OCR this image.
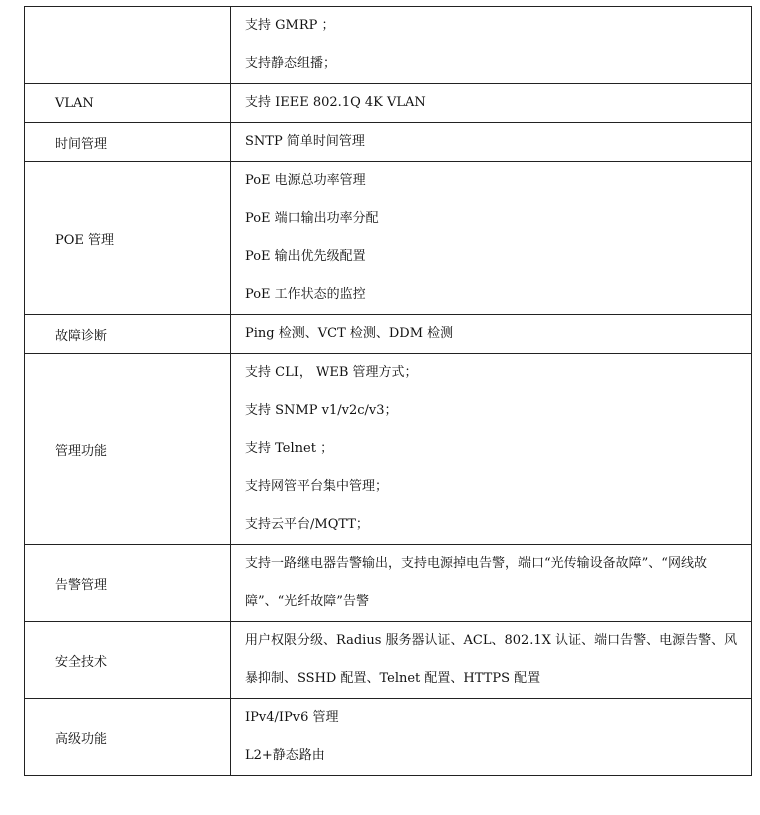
	支持 GMRP ；
支持静态组播；

VLAN	支持 IEEE 802.1Q 4K VLAN

时间管理	SNTP 简单时间管理

POE 管理	PoE 电源总功率管理
PoE 端口输出功率分配
PoE 输出优先级配置
PoE 工作状态的监控

故障诊断	Ping 检测、VCT 检测、DDM 检测

管理功能	支持 CLI， WEB 管理方式；
支持 SNMP v1/v2c/v3；
支持 Telnet ；
支持网管平台集中管理；
支持云平台/MQTT；

告警管理	支持一路继电器告警输出，支持电源掉电告警，端口“光传输设备故障”、“网线故障”、“光纤故障”告警

安全技术	用户权限分级、Radius 服务器认证、ACL、802.1X 认证、端口告警、电源告警、风暴抑制、SSHD 配置、Telnet 配置、HTTPS 配置

高级功能	IPv4/IPv6 管理
L2+静态路由
